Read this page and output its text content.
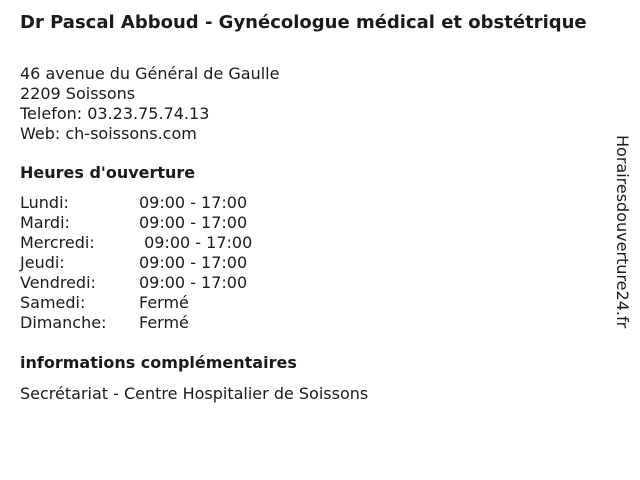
Dr Pascal Abboud - Gynécologue médical et obstétrique
46 avenue du Général de Gaulle
2209 Soissons
Telefon: 03.23.75.74.13
Web: ch-soissons.com
Heures d'ouverture
Lundi:	09:00 - 17:00
Mardi:	09:00 - 17:00
Mercredi:	09:00 - 17:00
Jeudi:	09:00 - 17:00
Vendredi:	09:00 - 17:00
Samedi:	Fermé
Dimanche:	Fermé
informations complémentaires
Secrétariat - Centre Hospitalier de Soissons
Horairesdouverture24.fr
